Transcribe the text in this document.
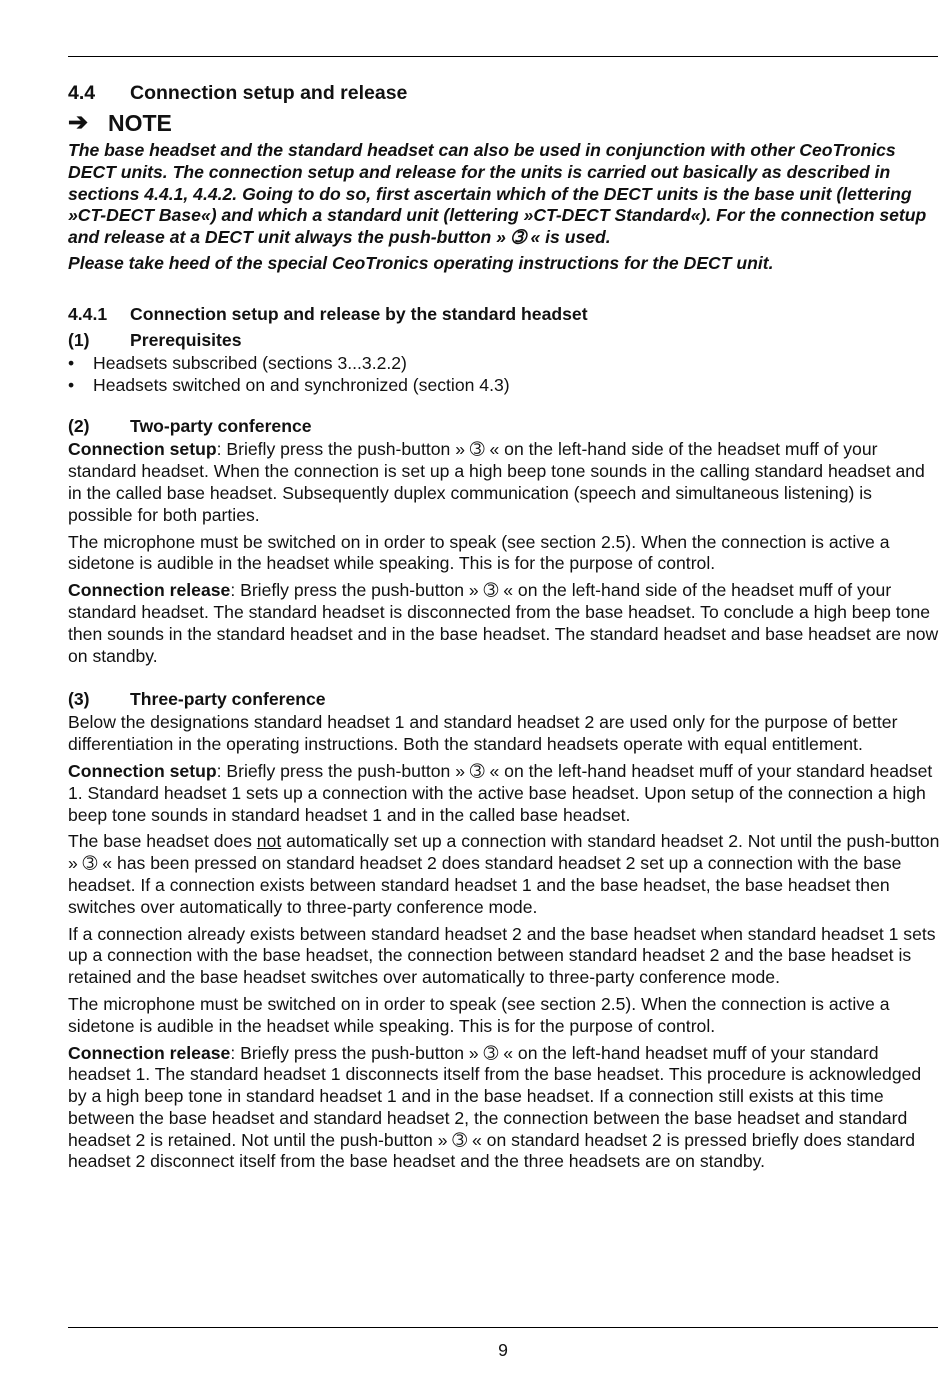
4.4 Connection setup and release
➔ NOTE

The base headset and the standard headset can also be used in conjunction with other CeoTronics DECT units. The connection setup and release for the units is carried out basically as described in sections 4.4.1, 4.4.2. Going to do so, first ascertain which of the DECT units is the base unit (lettering »CT-DECT Base«) and which a standard unit (lettering »CT-DECT Standard«). For the connection setup and release at a DECT unit always the push-button » ➂ « is used.

Please take heed of the special CeoTronics operating instructions for the DECT unit.

4.4.1 Connection setup and release by the standard headset
(1) Prerequisites
•	Headsets subscribed (sections 3...3.2.2)
•	Headsets switched on and synchronized (section 4.3)
(2) Two-party conference

Connection setup: Briefly press the push-button » ➂ « on the left-hand side of the headset muff of your standard headset. When the connection is set up a high beep tone sounds in the calling standard headset and in the called base headset. Subsequently duplex communication (speech and simultaneous listening) is possible for both parties.

The microphone must be switched on in order to speak (see section 2.5). When the connection is active a sidetone is audible in the headset while speaking. This is for the purpose of control.

Connection release: Briefly press the push-button » ➂ « on the left-hand side of the headset muff of your standard headset. The standard headset is disconnected from the base headset. To conclude a high beep tone then sounds in the standard headset and in the base headset. The standard headset and base headset are now on standby.

(3) Three-party conference

Below the designations standard headset 1 and standard headset 2 are used only for the purpose of better differentiation in the operating instructions. Both the standard headsets operate with equal entitlement.

Connection setup: Briefly press the push-button » ➂ « on the left-hand headset muff of your standard headset 1. Standard headset 1 sets up a connection with the active base headset. Upon setup of the connection a high beep tone sounds in standard headset 1 and in the called base headset.

The base headset does not automatically set up a connection with standard headset 2. Not until the push-button » ➂ « has been pressed on standard headset 2 does standard headset 2 set up a connection with the base headset. If a connection exists between standard headset 1 and the base headset, the base headset then switches over automatically to three-party conference mode.

If a connection already exists between standard headset 2 and the base headset when standard headset 1 sets up a connection with the base headset, the connection between standard headset 2 and the base headset is retained and the base headset switches over automatically to three-party conference mode.

The microphone must be switched on in order to speak (see section 2.5). When the connection is active a sidetone is audible in the headset while speaking. This is for the purpose of control.

Connection release: Briefly press the push-button » ➂ « on the left-hand headset muff of your standard headset 1. The standard headset 1 disconnects itself from the base headset. This procedure is acknowledged by a high beep tone in standard headset 1 and in the base headset. If a connection still exists at this time between the base headset and standard headset 2, the connection between the base headset and standard headset 2 is retained. Not until the push-button » ➂ « on standard headset 2 is pressed briefly does standard headset 2 disconnect itself from the base headset and the three headsets are on standby.

9
